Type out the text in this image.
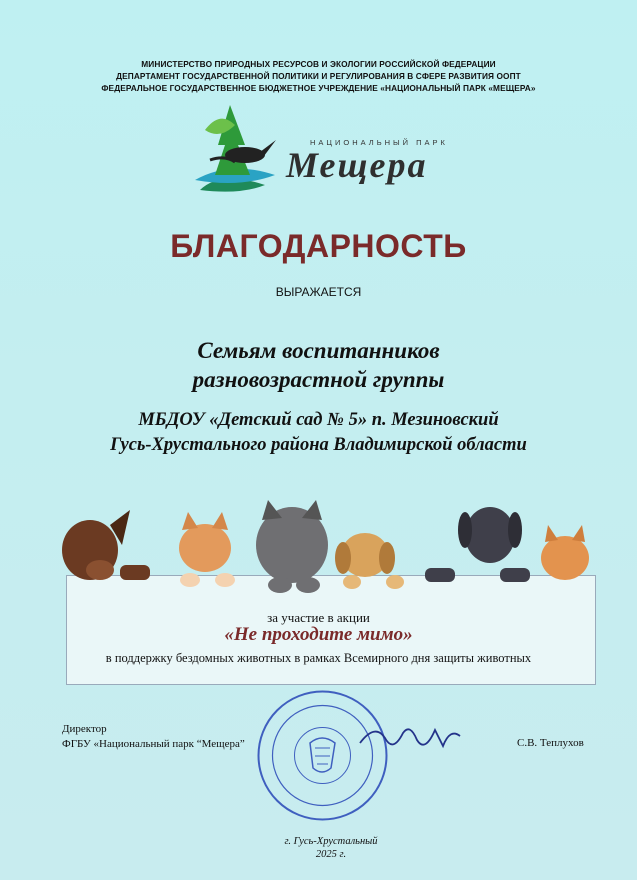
МИНИСТЕРСТВО ПРИРОДНЫХ РЕСУРСОВ И ЭКОЛОГИИ РОССИЙСКОЙ ФЕДЕРАЦИИ
ДЕПАРТАМЕНТ ГОСУДАРСТВЕННОЙ ПОЛИТИКИ И РЕГУЛИРОВАНИЯ В СФЕРЕ РАЗВИТИЯ ООПТ
ФЕДЕРАЛЬНОЕ ГОСУДАРСТВЕННОЕ БЮДЖЕТНОЕ УЧРЕЖДЕНИЕ «НАЦИОНАЛЬНЫЙ ПАРК «МЕЩЕРА»
НАЦИОНАЛЬНЫЙ ПАРК
Мещера
БЛАГОДАРНОСТЬ
ВЫРАЖАЕТСЯ
Семьям воспитанников
разновозрастной группы
МБДОУ «Детский сад № 5» п. Мезиновский
Гусь-Хрустального района Владимирской области
за участие в акции
«Не проходите мимо»
в поддержку бездомных животных в рамках Всемирного дня защиты животных
Директор
ФГБУ «Национальный парк “Мещера”	С.В. Теплухов
г. Гусь-Хрустальный
2025 г.
